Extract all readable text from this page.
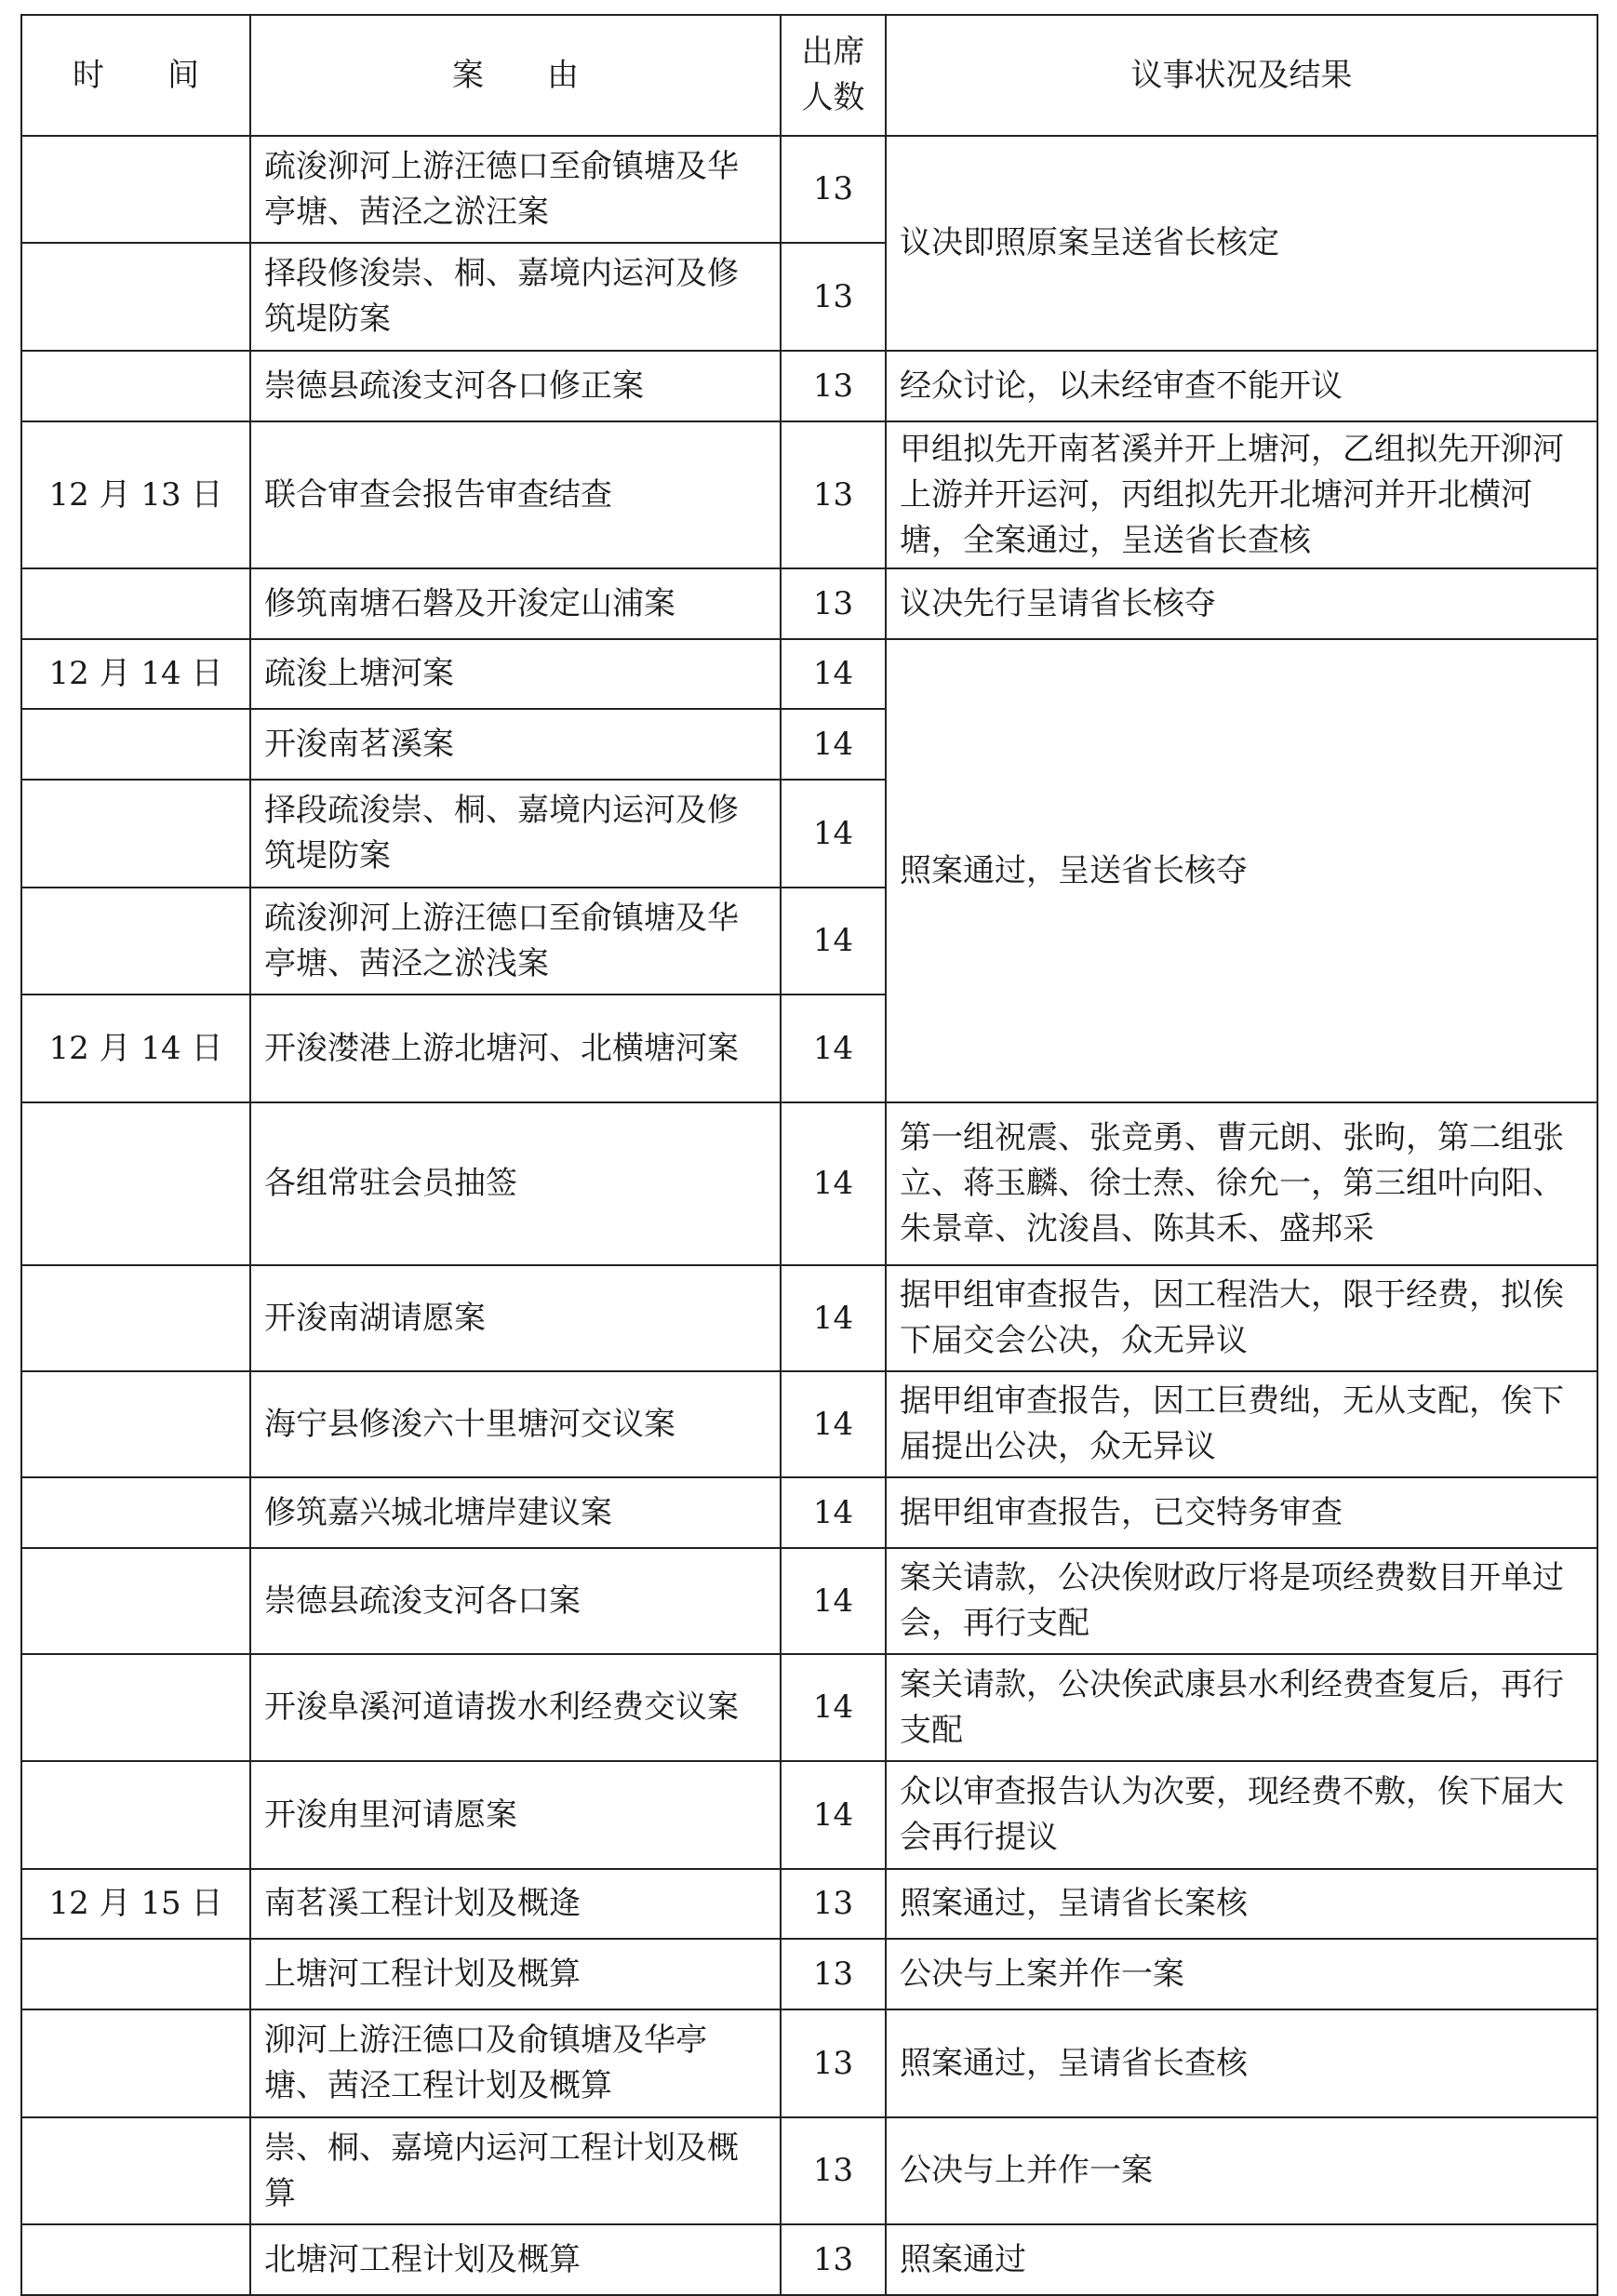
时　　间	案　　由	出席人数	议事状况及结果
	疏浚泖河上游汪德口至俞镇塘及华亭塘、茜泾之淤汪案	13	议决即照原案呈送省长核定
	择段修浚崇、桐、嘉境内运河及修筑堤防案	13	
	崇德县疏浚支河各口修正案	13	经众讨论，以未经审查不能开议
12 月 13 日	联合审查会报告审查结查	13	甲组拟先开南茗溪并开上塘河，乙组拟先开泖河上游并开运河，丙组拟先开北塘河并开北横河塘，全案通过，呈送省长查核
	修筑南塘石磐及开浚定山浦案	13	议决先行呈请省长核夺
12 月 14 日	疏浚上塘河案	14	照案通过，呈送省长核夺
	开浚南茗溪案	14	
	择段疏浚崇、桐、嘉境内运河及修筑堤防案	14	
	疏浚泖河上游汪德口至俞镇塘及华亭塘、茜泾之淤浅案	14	
12 月 14 日	开浚漤港上游北塘河、北横塘河案	14	
	各组常驻会员抽签	14	第一组祝震、张竞勇、曹元朗、张昫，第二组张立、蒋玉麟、徐士焘、徐允一，第三组叶向阳、朱景章、沈浚昌、陈其禾、盛邦采
	开浚南湖请愿案	14	据甲组审查报告，因工程浩大，限于经费，拟俟下届交会公决，众无异议
	海宁县修浚六十里塘河交议案	14	据甲组审查报告，因工巨费绌，无从支配，俟下届提出公决，众无异议
	修筑嘉兴城北塘岸建议案	14	据甲组审查报告，已交特务审查
	崇德县疏浚支河各口案	14	案关请款，公决俟财政厅将是项经费数目开单过会，再行支配
	开浚阜溪河道请拨水利经费交议案	14	案关请款，公决俟武康县水利经费查复后，再行支配
	开浚甪里河请愿案	14	众以审查报告认为次要，现经费不敷，俟下届大会再行提议
12 月 15 日	南茗溪工程计划及概逄	13	照案通过，呈请省长案核
	上塘河工程计划及概算	13	公决与上案并作一案
	泖河上游汪德口及俞镇塘及华亭塘、茜泾工程计划及概算	13	照案通过，呈请省长查核
	崇、桐、嘉境内运河工程计划及概算	13	公决与上并作一案
	北塘河工程计划及概算	13	照案通过
